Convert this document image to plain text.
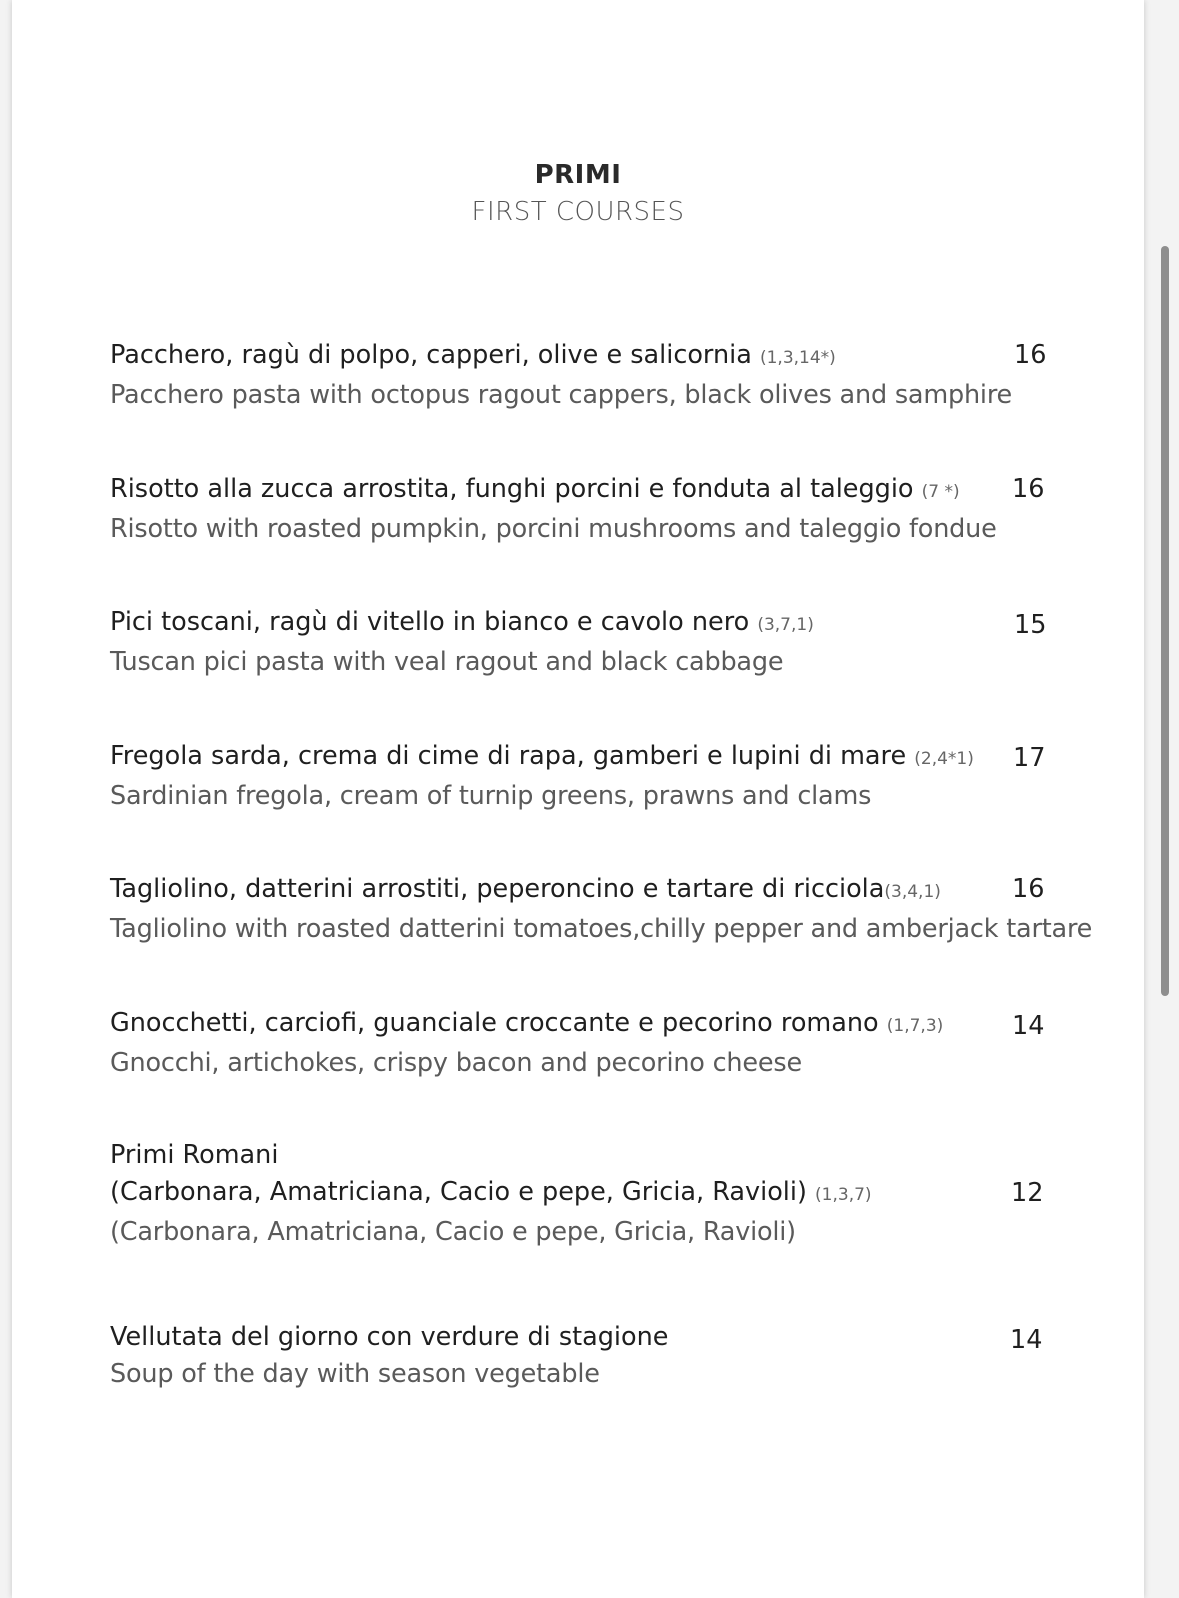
PRIMI
FIRST COURSES
Pacchero, ragù di polpo, capperi, olive e salicornia (1,3,14*)
Pacchero pasta with octopus ragout cappers, black olives and samphire
16
Risotto alla zucca arrostita, funghi porcini e fonduta al taleggio (7 *)
Risotto with roasted pumpkin, porcini mushrooms and taleggio fondue
16
Pici toscani, ragù di vitello in bianco e cavolo nero (3,7,1)
Tuscan pici pasta with veal ragout and black cabbage
15
Fregola sarda, crema di cime di rapa, gamberi e lupini di mare (2,4*1)
Sardinian fregola, cream of turnip greens, prawns and clams
17
Tagliolino, datterini arrostiti, peperoncino e tartare di ricciola(3,4,1)
Tagliolino with roasted datterini tomatoes,chilly pepper and amberjack tartare
16
Gnocchetti, carciofi, guanciale croccante e pecorino romano (1,7,3)
Gnocchi, artichokes, crispy bacon and pecorino cheese
14
Primi Romani
(Carbonara, Amatriciana, Cacio e pepe, Gricia, Ravioli) (1,3,7)
(Carbonara, Amatriciana, Cacio e pepe, Gricia, Ravioli)
12
Vellutata del giorno con verdure di stagione
Soup of the day with season vegetable
14
